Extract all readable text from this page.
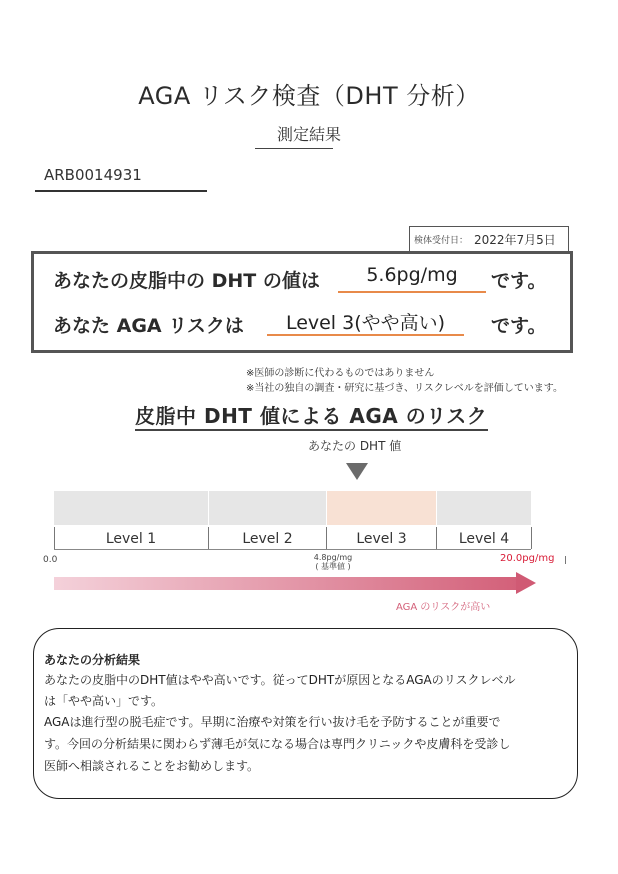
AGA リスク検査（DHT 分析）
測定結果
ARB0014931
検体受付日： 2022年7月5日
あなたの皮脂中の DHT の値は	5.6pg/mg	です。
あなた AGA リスクは	Level 3(やや高い)	です。
※医師の診断に代わるものではありません
※当社の独自の調査・研究に基づき、リスクレベルを評価しています。
皮脂中 DHT 値による AGA のリスク
あなたの DHT 値
Level 1	Level 2	Level 3	Level 4
0.0	4.8pg/mg
( 基準値 )
20.0pg/mg
AGA のリスクが高い
あなたの分析結果
あなたの皮脂中のDHT値はやや高いです。従ってDHTが原因となるAGAのリスクレベル
は「やや高い」です。
AGAは進行型の脱毛症です。早期に治療や対策を行い抜け毛を予防することが重要で
す。今回の分析結果に関わらず薄毛が気になる場合は専門クリニックや皮膚科を受診し
医師へ相談されることをお勧めします。
